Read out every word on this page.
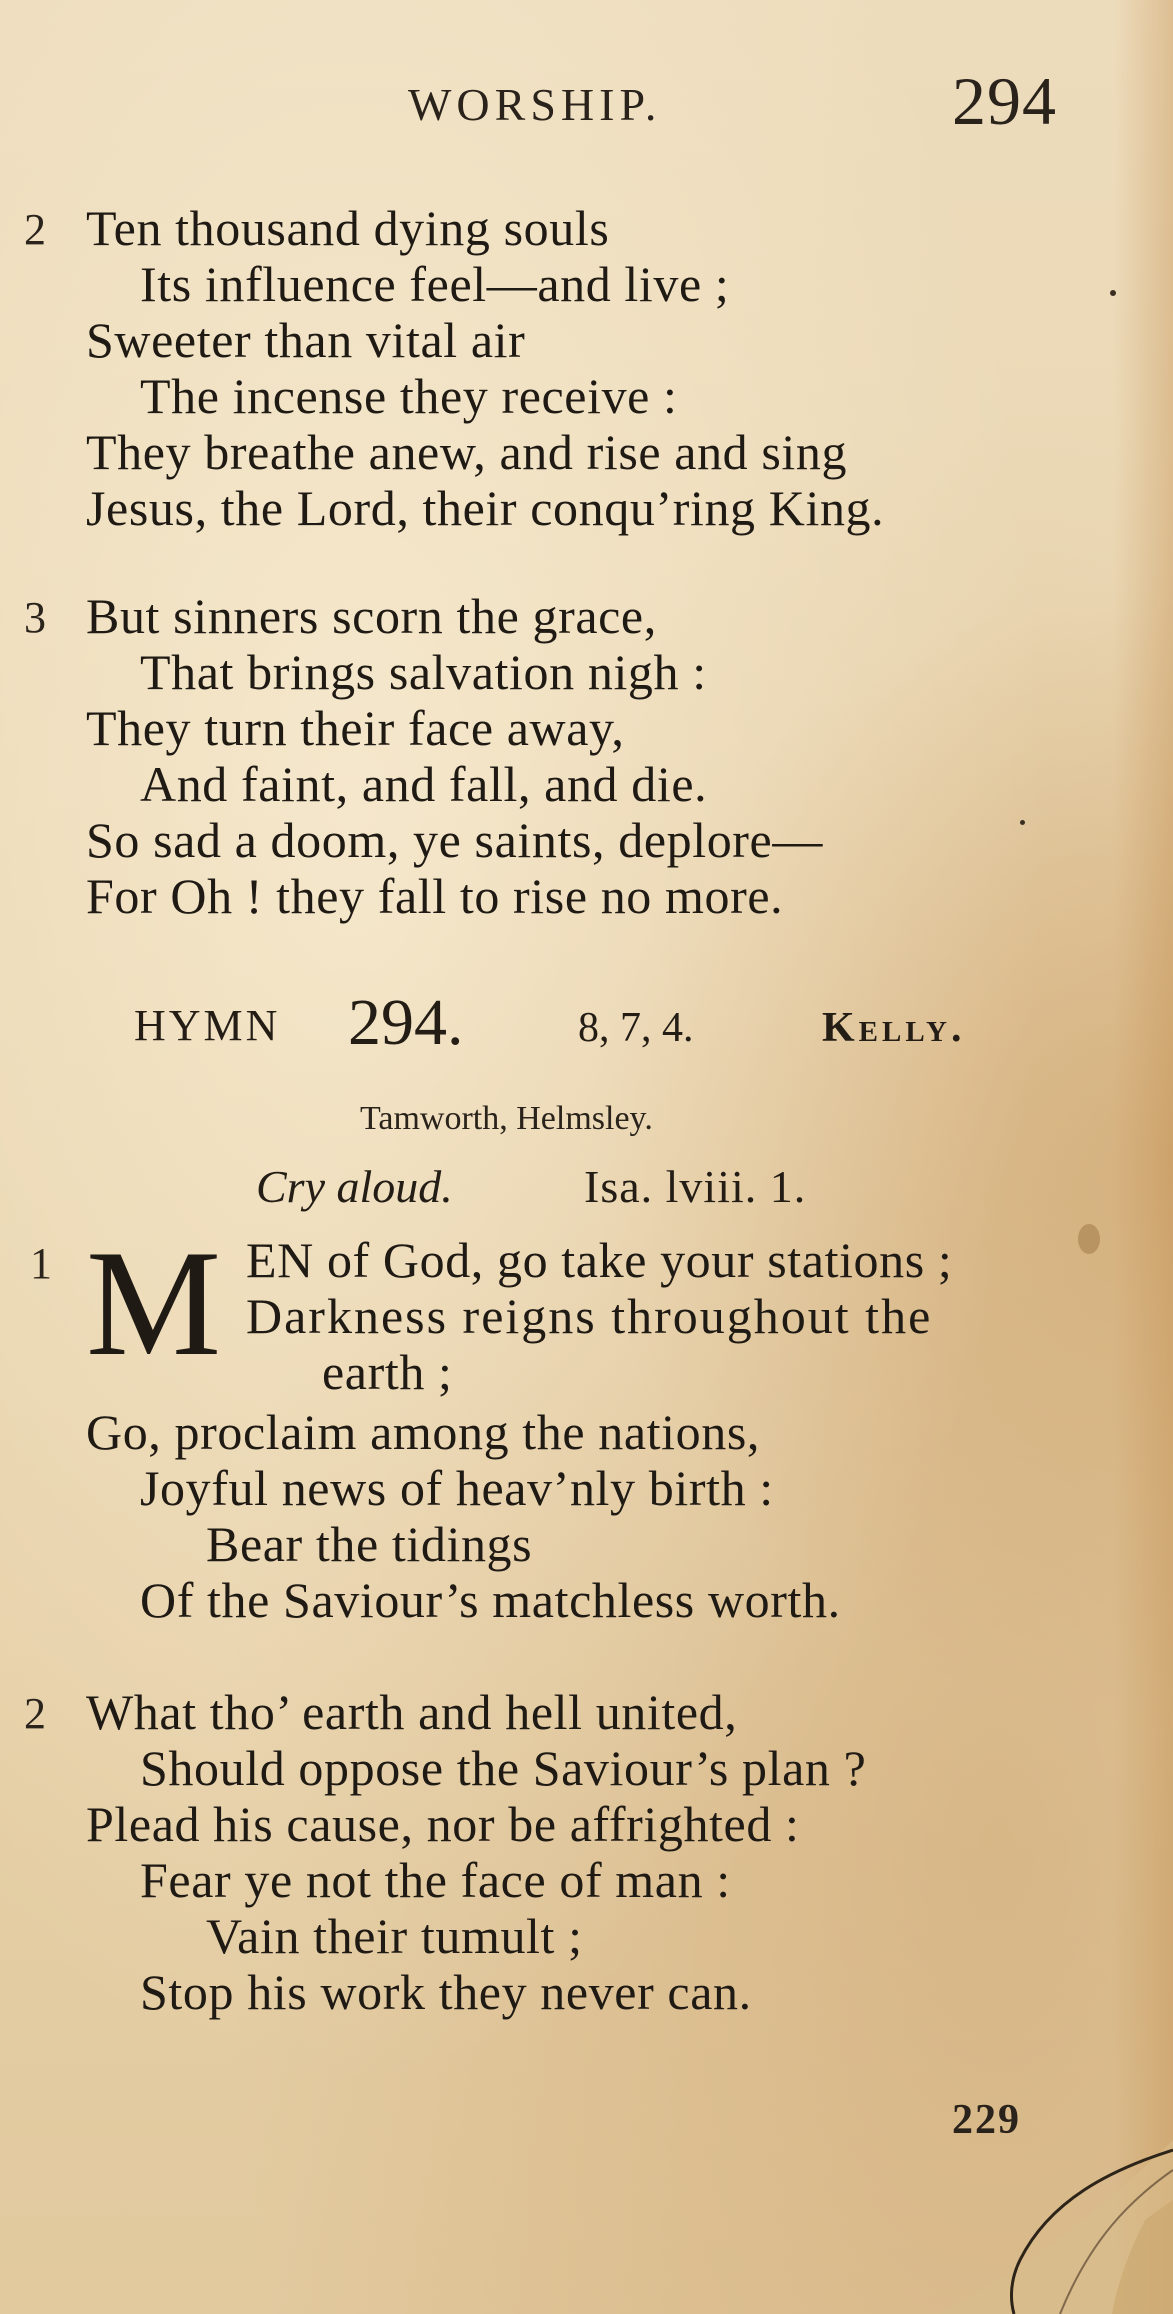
WORSHIP.	294
2 Ten thousand dying souls
Its influence feel—and live ;
Sweeter than vital air
The incense they receive :
They breathe anew, and rise and sing
Jesus, the Lord, their conqu’ring King.
3 But sinners scorn the grace,
That brings salvation nigh :
They turn their face away,
And faint, and fall, and die.
So sad a doom, ye saints, deplore—
For Oh ! they fall to rise no more.
HYMN 294.	8, 7, 4.	Kelly.
Tamworth, Helmsley.
Cry aloud.	Isa. lviii. 1.
1 M EN of God, go take your stations ;
Darkness reigns throughout the
earth ;
Go, proclaim among the nations,
Joyful news of heav’nly birth :
Bear the tidings
Of the Saviour’s matchless worth.
2 What tho’ earth and hell united,
Should oppose the Saviour’s plan ?
Plead his cause, nor be affrighted :
Fear ye not the face of man :
Vain their tumult ;
Stop his work they never can.
229
